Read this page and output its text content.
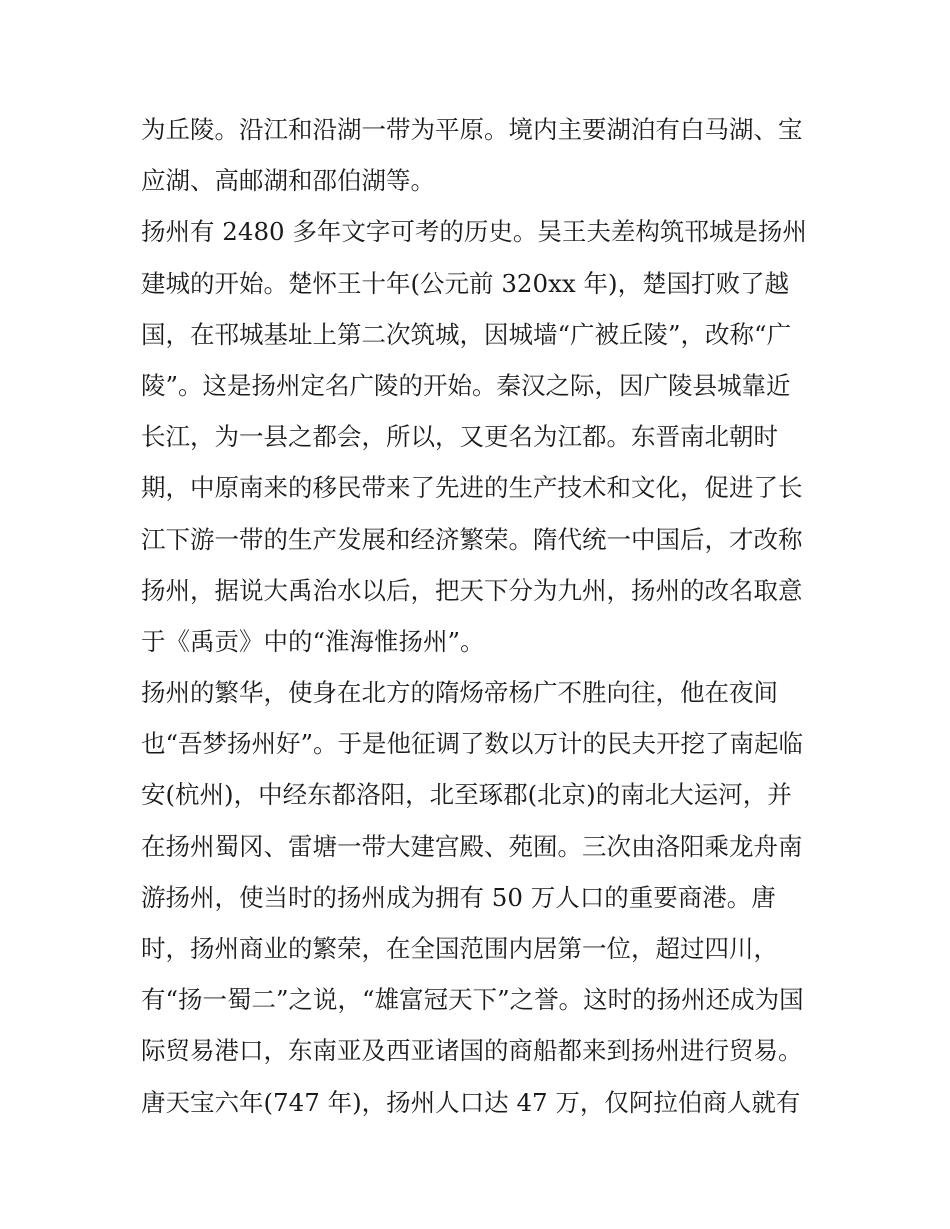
为丘陵。沿江和沿湖一带为平原。境内主要湖泊有白马湖、宝
应湖、高邮湖和邵伯湖等。
扬州有 2480 多年文字可考的历史。吴王夫差构筑邗城是扬州
建城的开始。楚怀王十年(公元前 320xx 年)，楚国打败了越
国，在邗城基址上第二次筑城，因城墙“广被丘陵”，改称“广
陵”。这是扬州定名广陵的开始。秦汉之际，因广陵县城靠近
长江，为一县之都会，所以，又更名为江都。东晋南北朝时
期，中原南来的移民带来了先进的生产技术和文化，促进了长
江下游一带的生产发展和经济繁荣。隋代统一中国后，才改称
扬州，据说大禹治水以后，把天下分为九州，扬州的改名取意
于《禹贡》中的“淮海惟扬州”。
扬州的繁华，使身在北方的隋炀帝杨广不胜向往，他在夜间
也“吾梦扬州好”。于是他征调了数以万计的民夫开挖了南起临
安(杭州)，中经东都洛阳，北至琢郡(北京)的南北大运河，并
在扬州蜀冈、雷塘一带大建宫殿、苑囿。三次由洛阳乘龙舟南
游扬州，使当时的扬州成为拥有 50 万人口的重要商港。唐
时，扬州商业的繁荣，在全国范围内居第一位，超过四川，
有“扬一蜀二”之说，“雄富冠天下”之誉。这时的扬州还成为国
际贸易港口，东南亚及西亚诸国的商船都来到扬州进行贸易。
唐天宝六年(747 年)，扬州人口达 47 万，仅阿拉伯商人就有
